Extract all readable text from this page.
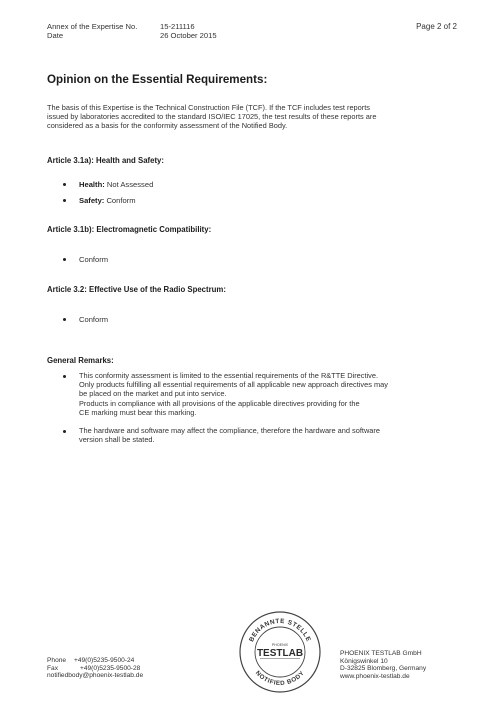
Annex of the Expertise No.	15-211116
Date	26 October 2015
Page 2 of 2
Opinion on the Essential Requirements:
The basis of this Expertise is the Technical Construction File (TCF). If the TCF includes test reports
issued by laboratories accredited to the standard ISO/IEC 17025, the test results of these reports are
considered as a basis for the conformity assessment of the Notified Body.
Article 3.1a): Health and Safety:
Health: Not Assessed
Safety: Conform
Article 3.1b): Electromagnetic Compatibility:
Conform
Article 3.2: Effective Use of the Radio Spectrum:
Conform
General Remarks:
This conformity assessment is limited to the essential requirements of the R&TTE Directive.
Only products fulfilling all essential requirements of all applicable new approach directives may
be placed on the market and put into service.
Products in compliance with all provisions of the applicable directives providing for the
CE marking must bear this marking.
The hardware and software may affect the compliance, therefore the hardware and software
version shall be stated.
Phone +49(0)5235-9500-24
Fax	+49(0)5235-9500-28
notifiedbody@phoenix-testlab.de
BENANNTE STELLE
NOTIFIED BODY
PHOENIX
TESTLAB	PHOENIX TESTLAB GmbH
Königswinkel 10
D-32825 Blomberg, Germany
www.phoenix-testlab.de
